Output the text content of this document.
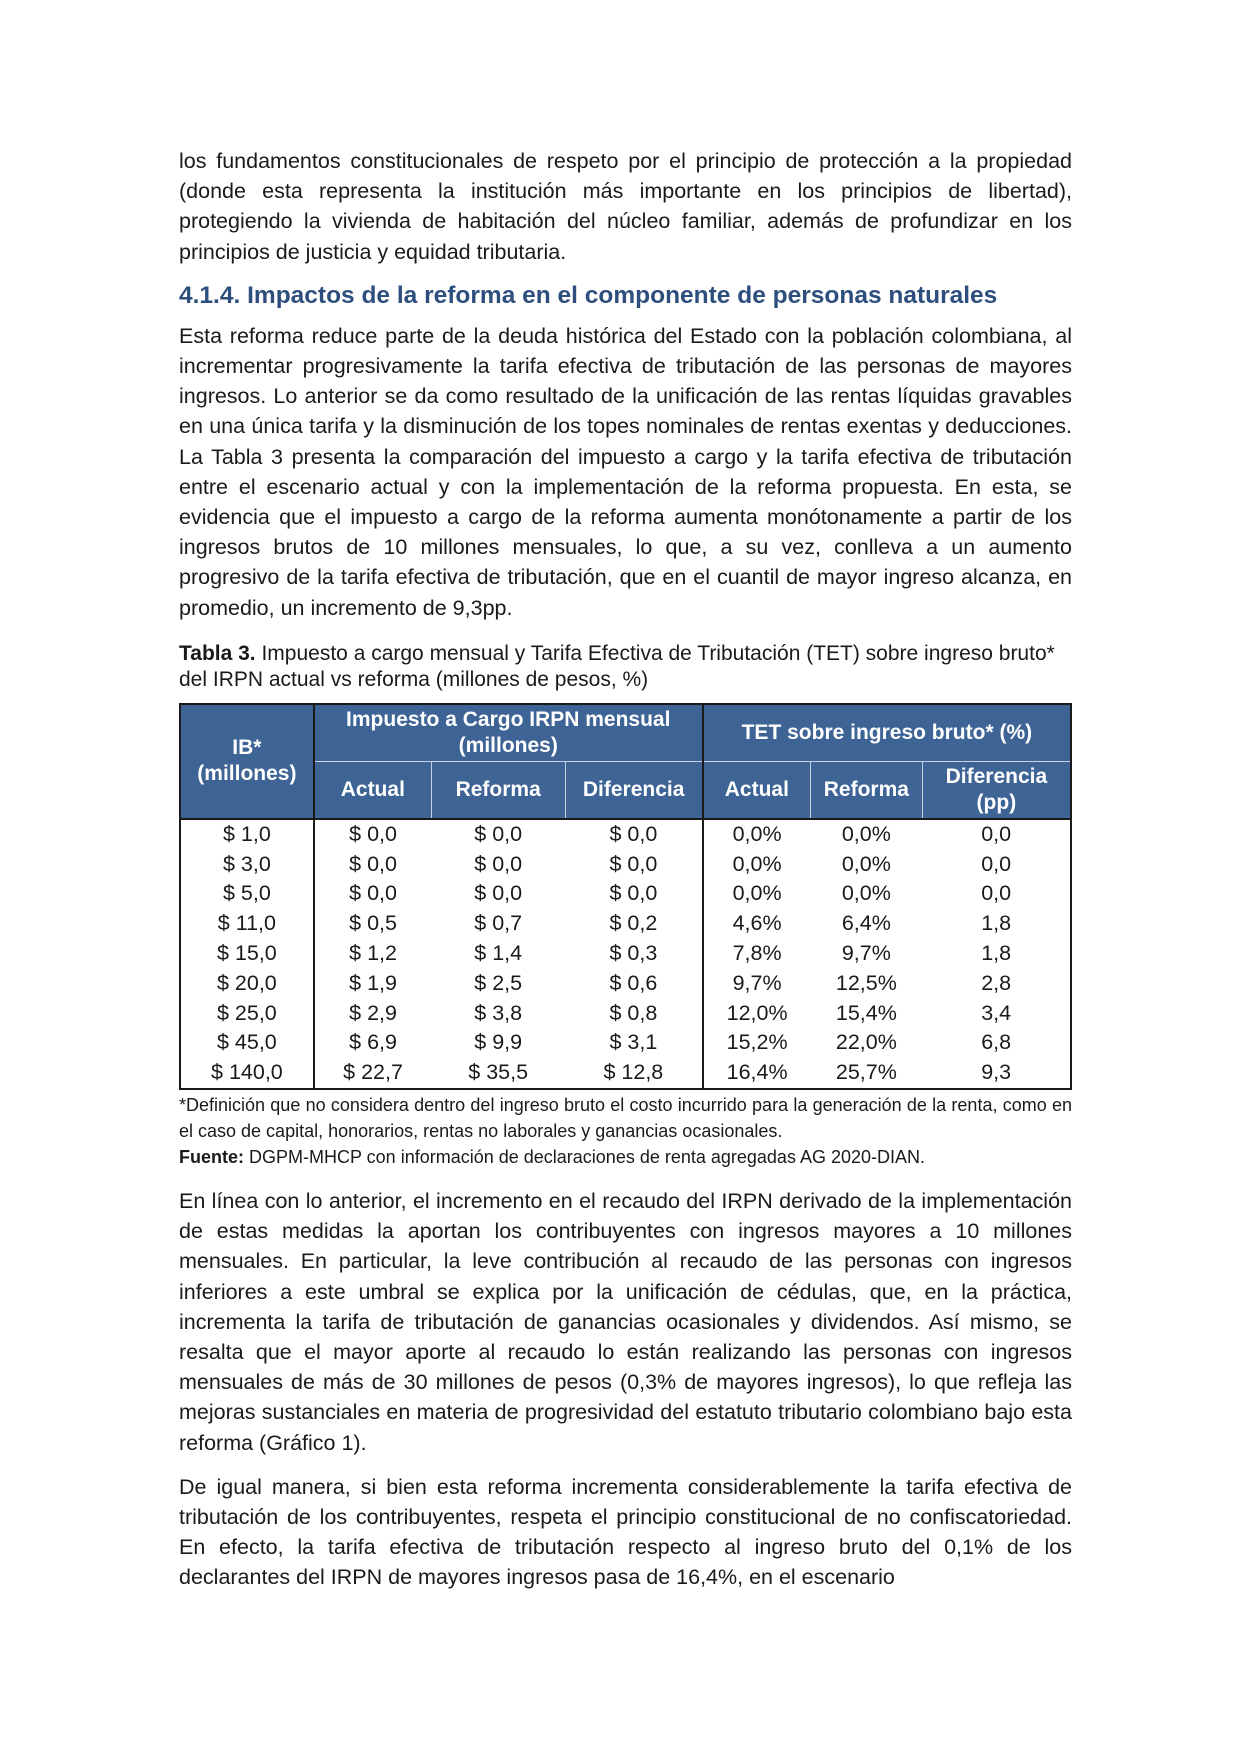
los fundamentos constitucionales de respeto por el principio de protección a la propiedad (donde esta representa la institución más importante en los principios de libertad), protegiendo la vivienda de habitación del núcleo familiar, además de profundizar en los principios de justicia y equidad tributaria.

4.1.4. Impactos de la reforma en el componente de personas naturales

Esta reforma reduce parte de la deuda histórica del Estado con la población colombiana, al incrementar progresivamente la tarifa efectiva de tributación de las personas de mayores ingresos. Lo anterior se da como resultado de la unificación de las rentas líquidas gravables en una única tarifa y la disminución de los topes nominales de rentas exentas y deducciones. La Tabla 3 presenta la comparación del impuesto a cargo y la tarifa efectiva de tributación entre el escenario actual y con la implementación de la reforma propuesta. En esta, se evidencia que el impuesto a cargo de la reforma aumenta monótonamente a partir de los ingresos brutos de 10 millones mensuales, lo que, a su vez, conlleva a un aumento progresivo de la tarifa efectiva de tributación, que en el cuantil de mayor ingreso alcanza, en promedio, un incremento de 9,3pp.

Tabla 3. Impuesto a cargo mensual y Tarifa Efectiva de Tributación (TET) sobre ingreso bruto* del IRPN actual vs reforma (millones de pesos, %)
IB* (millones)	Impuesto a Cargo IRPN mensual (millones)			TET sobre ingreso bruto* (%)		
	Actual	Reforma	Diferencia	Actual	Reforma	Diferencia (pp)
$ 1,0	$ 0,0	$ 0,0	$ 0,0	0,0%	0,0%	0,0
$ 3,0	$ 0,0	$ 0,0	$ 0,0	0,0%	0,0%	0,0
$ 5,0	$ 0,0	$ 0,0	$ 0,0	0,0%	0,0%	0,0
$ 11,0	$ 0,5	$ 0,7	$ 0,2	4,6%	6,4%	1,8
$ 15,0	$ 1,2	$ 1,4	$ 0,3	7,8%	9,7%	1,8
$ 20,0	$ 1,9	$ 2,5	$ 0,6	9,7%	12,5%	2,8
$ 25,0	$ 2,9	$ 3,8	$ 0,8	12,0%	15,4%	3,4
$ 45,0	$ 6,9	$ 9,9	$ 3,1	15,2%	22,0%	6,8
$ 140,0	$ 22,7	$ 35,5	$ 12,8	16,4%	25,7%	9,3

*Definición que no considera dentro del ingreso bruto el costo incurrido para la generación de la renta, como en el caso de capital, honorarios, rentas no laborales y ganancias ocasionales.

Fuente: DGPM-MHCP con información de declaraciones de renta agregadas AG 2020-DIAN.

En línea con lo anterior, el incremento en el recaudo del IRPN derivado de la implementación de estas medidas la aportan los contribuyentes con ingresos mayores a 10 millones mensuales. En particular, la leve contribución al recaudo de las personas con ingresos inferiores a este umbral se explica por la unificación de cédulas, que, en la práctica, incrementa la tarifa de tributación de ganancias ocasionales y dividendos. Así mismo, se resalta que el mayor aporte al recaudo lo están realizando las personas con ingresos mensuales de más de 30 millones de pesos (0,3% de mayores ingresos), lo que refleja las mejoras sustanciales en materia de progresividad del estatuto tributario colombiano bajo esta reforma (Gráfico 1).

De igual manera, si bien esta reforma incrementa considerablemente la tarifa efectiva de tributación de los contribuyentes, respeta el principio constitucional de no confiscatoriedad. En efecto, la tarifa efectiva de tributación respecto al ingreso bruto del 0,1% de los declarantes del IRPN de mayores ingresos pasa de 16,4%, en el escenario
